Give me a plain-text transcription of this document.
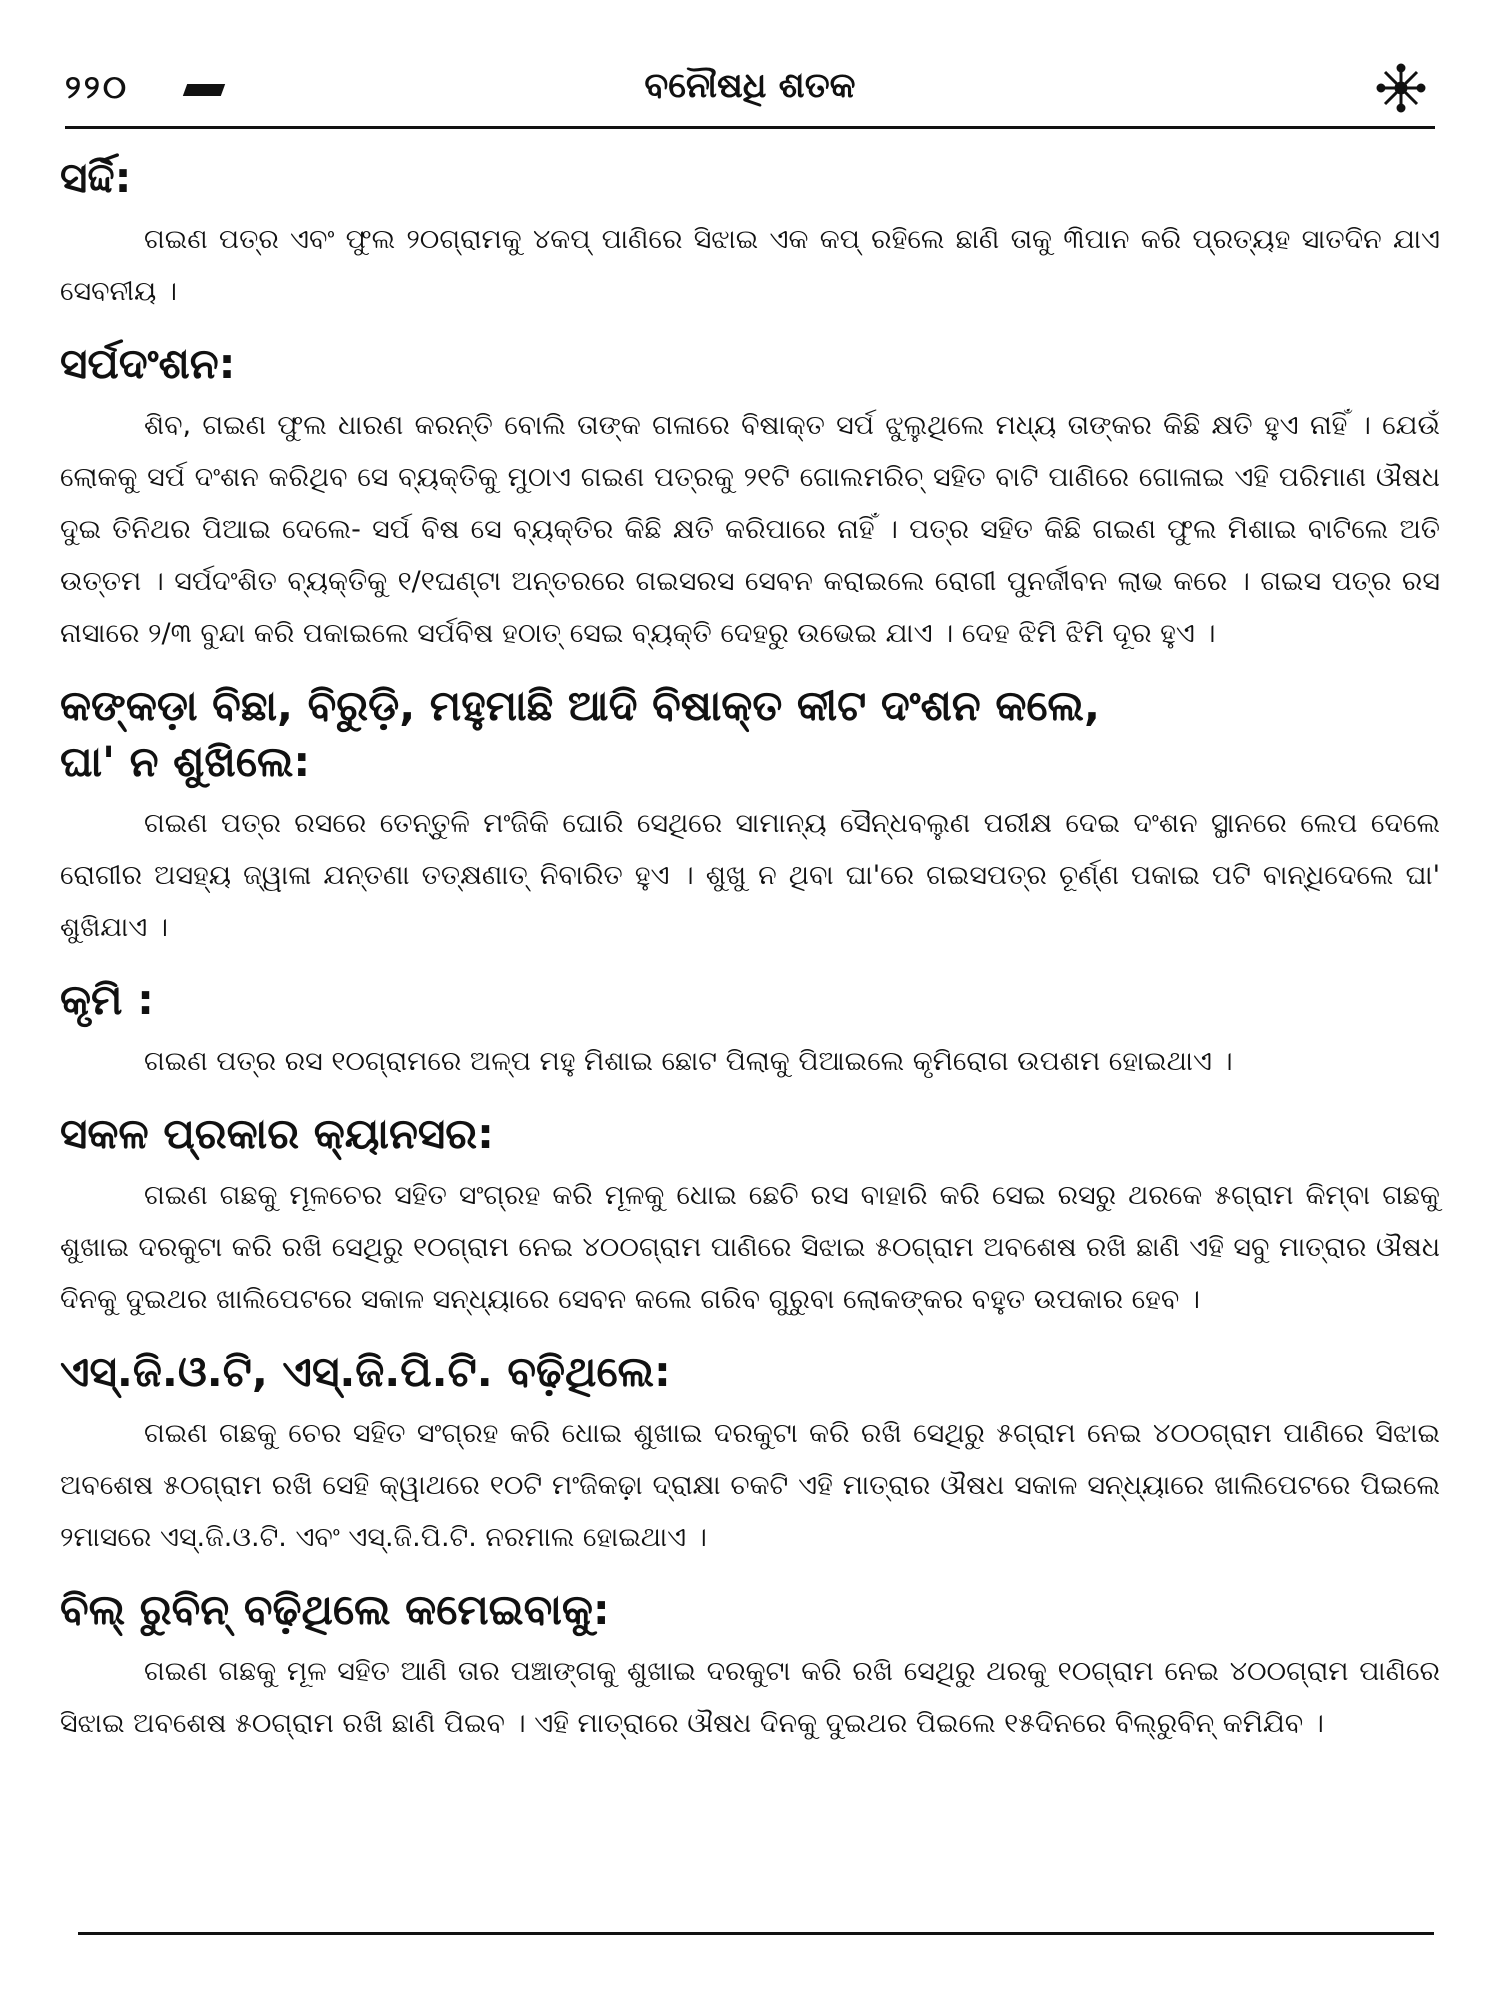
୨୨୦	ବନୌଷଧି ଶତକ
ସର୍ଦ୍ଦି:

ଗଇଣ ପତ୍ର ଏବଂ ଫୁଲ ୨୦ଗ୍ରାମକୁ ୪କପ୍ ପାଣିରେ ସିଝାଇ ଏକ କପ୍ ରହିଲେ ଛାଣି ତାକୁ ୩ିପାନ କରି ପ୍ରତ୍ୟହ ସାତଦିନ ଯାଏ ସେବନୀୟ ।

ସର୍ପଦଂଶନ:

ଶିବ, ଗଇଣ ଫୁଲ ଧାରଣ କରନ୍ତି ବୋଲି ତାଙ୍କ ଗଳାରେ ବିଷାକ୍ତ ସର୍ପ ଝୁଲୁଥିଲେ ମଧ୍ୟ ତାଙ୍କର କିଛି କ୍ଷତି ହୁଏ ନାହିଁ । ଯେଉଁ ଲୋକକୁ ସର୍ପ ଦଂଶନ କରିଥିବ ସେ ବ୍ୟକ୍ତିକୁ ମୁଠାଏ ଗଇଣ ପତ୍ରକୁ ୨୧ଟି ଗୋଲମରିଚ୍ ସହିତ ବାଟି ପାଣିରେ ଗୋଳାଇ ଏହି ପରିମାଣ ଔଷଧ ଦୁଇ ତିନିଥର ପିଆଇ ଦେଲେ- ସର୍ପ ବିଷ ସେ ବ୍ୟକ୍ତିର କିଛି କ୍ଷତି କରିପାରେ ନାହିଁ । ପତ୍ର ସହିତ କିଛି ଗଇଣ ଫୁଲ ମିଶାଇ ବାଟିଲେ ଅତି ଉତ୍ତମ । ସର୍ପଦଂଶିତ ବ୍ୟକ୍ତିକୁ ୧/୧ଘଣ୍ଟା ଅନ୍ତରରେ ଗଇସରସ ସେବନ କରାଇଲେ ରୋଗୀ ପୁନର୍ଜୀବନ ଲାଭ କରେ । ଗଇସ ପତ୍ର ରସ ନାସାରେ ୨/୩ ବୁନ୍ଦା କରି ପକାଇଲେ ସର୍ପବିଷ ହଠାତ୍ ସେଇ ବ୍ୟକ୍ତି ଦେହରୁ ଉଭେଇ ଯାଏ । ଦେହ ଝିମି ଝିମି ଦୂର ହୁଏ ।

କଙ୍କଡ଼ା ବିଛା, ବିରୁଡ଼ି, ମହୁମାଛି ଆଦି ବିଷାକ୍ତ କୀଟ ଦଂଶନ କଲେ,
ଘା' ନ ଶୁଖିଲେ:

ଗଇଣ ପତ୍ର ରସରେ ତେନ୍ତୁଳି ମଂଜିକି ଘୋରି ସେଥିରେ ସାମାନ୍ୟ ସୈନ୍ଧବଲୁଣ ପରୀକ୍ଷ ଦେଇ ଦଂଶନ ସ୍ଥାନରେ ଲେପ ଦେଲେ ରୋଗୀର ଅସହ୍ୟ ଜ୍ୱାଳା ଯନ୍ତଣା ତତ୍‌କ୍ଷଣାତ୍ ନିବାରିତ ହୁଏ । ଶୁଖୁ ନ ଥିବା ଘା'ରେ ଗଇସପତ୍ର ଚୂର୍ଣ୍ଣ ପକାଇ ପଟି ବାନ୍ଧିଦେଲେ ଘା' ଶୁଖିଯାଏ ।

କୃମି :

ଗଇଣ ପତ୍ର ରସ ୧୦ଗ୍ରାମରେ ଅଳ୍ପ ମହୁ ମିଶାଇ ଛୋଟ ପିଲାକୁ ପିଆଇଲେ କୃମିରୋଗ ଉପଶମ ହୋଇଥାଏ ।

ସକଳ ପ୍ରକାର କ୍ୟାନସର:

ଗଇଣ ଗଛକୁ ମୂଳଚେର ସହିତ ସଂଗ୍ରହ କରି ମୂଳକୁ ଧୋଇ ଛେଚି ରସ ବାହାରି କରି ସେଇ ରସରୁ ଥରକେ ୫ଗ୍ରାମ କିମ୍ବା ଗଛକୁ ଶୁଖାଇ ଦରକୁଟା କରି ରଖି ସେଥିରୁ ୧୦ଗ୍ରାମ ନେଇ ୪୦୦ଗ୍ରାମ ପାଣିରେ ସିଝାଇ ୫୦ଗ୍ରାମ ଅବଶେଷ ରଖି ଛାଣି ଏହି ସବୁ ମାତ୍ରାର ଔଷଧ ଦିନକୁ ଦୁଇଥର ଖାଲିପେଟରେ ସକାଳ ସନ୍ଧ୍ୟାରେ ସେବନ କଲେ ଗରିବ ଗୁରୁବା ଲୋକଙ୍କର ବହୁତ ଉପକାର ହେବ ।

ଏସ୍.ଜି.ଓ.ଟି, ଏସ୍.ଜି.ପି.ଟି. ବଢ଼ିଥିଲେ:

ଗଇଣ ଗଛକୁ ଚେର ସହିତ ସଂଗ୍ରହ କରି ଧୋଇ ଶୁଖାଇ ଦରକୁଟା କରି ରଖି ସେଥିରୁ ୫ଗ୍ରାମ ନେଇ ୪୦୦ଗ୍ରାମ ପାଣିରେ ସିଝାଇ ଅବଶେଷ ୫୦ଗ୍ରାମ ରଖି ସେହି କ୍ୱାଥରେ ୧୦ଟି ମଂଜିକଢ଼ା ଦ୍ରାକ୍ଷା ଚକଟି ଏହି ମାତ୍ରାର ଔଷଧ ସକାଳ ସନ୍ଧ୍ୟାରେ ଖାଲିପେଟରେ ପିଇଲେ ୨ମାସରେ ଏସ୍.ଜି.ଓ.ଟି. ଏବଂ ଏସ୍.ଜି.ପି.ଟି. ନରମାଲ ହୋଇଥାଏ ।

ବିଲ୍ ରୁବିନ୍ ବଢ଼ିଥିଲେ କମେଇବାକୁ:

ଗଇଣ ଗଛକୁ ମୂଳ ସହିତ ଆଣି ତାର ପଞ୍ଚାଙ୍ଗକୁ ଶୁଖାଇ ଦରକୁଟା କରି ରଖି ସେଥିରୁ ଥରକୁ ୧୦ଗ୍ରାମ ନେଇ ୪୦୦ଗ୍ରାମ ପାଣିରେ ସିଝାଇ ଅବଶେଷ ୫୦ଗ୍ରାମ ରଖି ଛାଣି ପିଇବ । ଏହି ମାତ୍ରାରେ ଔଷଧ ଦିନକୁ ଦୁଇଥର ପିଇଲେ ୧୫ଦିନରେ ବିଲ୍‌ରୁବିନ୍ କମିଯିବ ।
